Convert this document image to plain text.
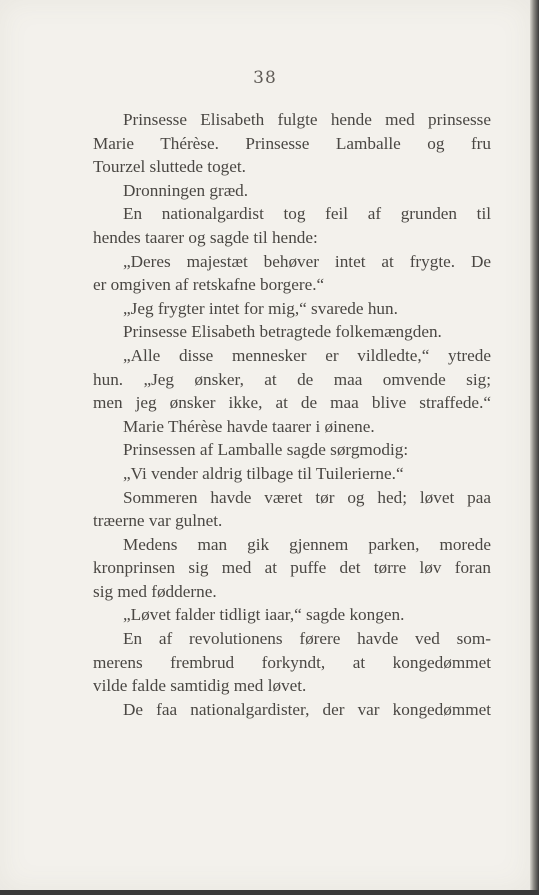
38
Prinsesse Elisabeth fulgte hende med prinsesse
Marie Thérèse. Prinsesse Lamballe og fru
Tourzel sluttede toget.
Dronningen græd.
En nationalgardist tog feil af grunden til
hendes taarer og sagde til hende:
„Deres majestæt behøver intet at frygte. De
er omgiven af retskafne borgere.“
„Jeg frygter intet for mig,“ svarede hun.
Prinsesse Elisabeth betragtede folkemængden.
„Alle disse mennesker er vildledte,“ ytrede
hun. „Jeg ønsker, at de maa omvende sig;
men jeg ønsker ikke, at de maa blive straffede.“
Marie Thérèse havde taarer i øinene.
Prinsessen af Lamballe sagde sørgmodig:
„Vi vender aldrig tilbage til Tuilerierne.“
Sommeren havde været tør og hed; løvet paa
træerne var gulnet.
Medens man gik gjennem parken, morede
kronprinsen sig med at puffe det tørre løv foran
sig med fødderne.
„Løvet falder tidligt iaar,“ sagde kongen.
En af revolutionens førere havde ved som-
merens frembrud forkyndt, at kongedømmet
vilde falde samtidig med løvet.
De faa nationalgardister, der var kongedømmet
